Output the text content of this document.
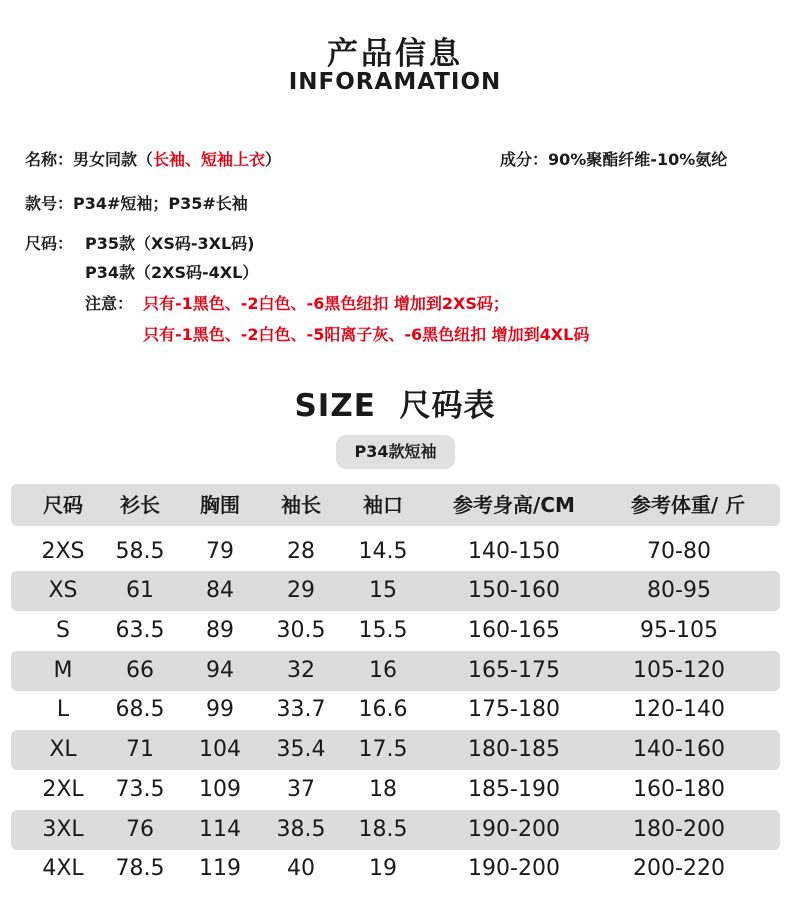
产品信息
INFORAMATION
名称：男女同款（长袖、短袖上衣）	成分：90%聚酯纤维-10%氨纶
款号：P34#短袖；P35#长袖
尺码： P35款（XS码-3XL码)
P34款（2XS码-4XL）
注意： 只有-1黑色、-2白色、-6黑色纽扣 增加到2XS码；
只有-1黑色、-2白色、-5阳离子灰、-6黑色纽扣 增加到4XL码
SIZE  尺码表
P34款短袖
尺码 衫长 胸围 袖长 袖口	参考身高/CM	参考体重/ 斤
2XS 58.5 79 28 14.5	140-150	70-80
XS 61 84 29 15	150-160	80-95
S 63.5 89 30.5 15.5	160-165	95-105
M 66 94 32 16	165-175	105-120
L 68.5 99 33.7 16.6	175-180	120-140
XL 71 104 35.4 17.5	180-185	140-160
2XL 73.5 109 37 18	185-190	160-180
3XL 76 114 38.5 18.5	190-200	180-200
4XL 78.5 119 40 19	190-200	200-220
